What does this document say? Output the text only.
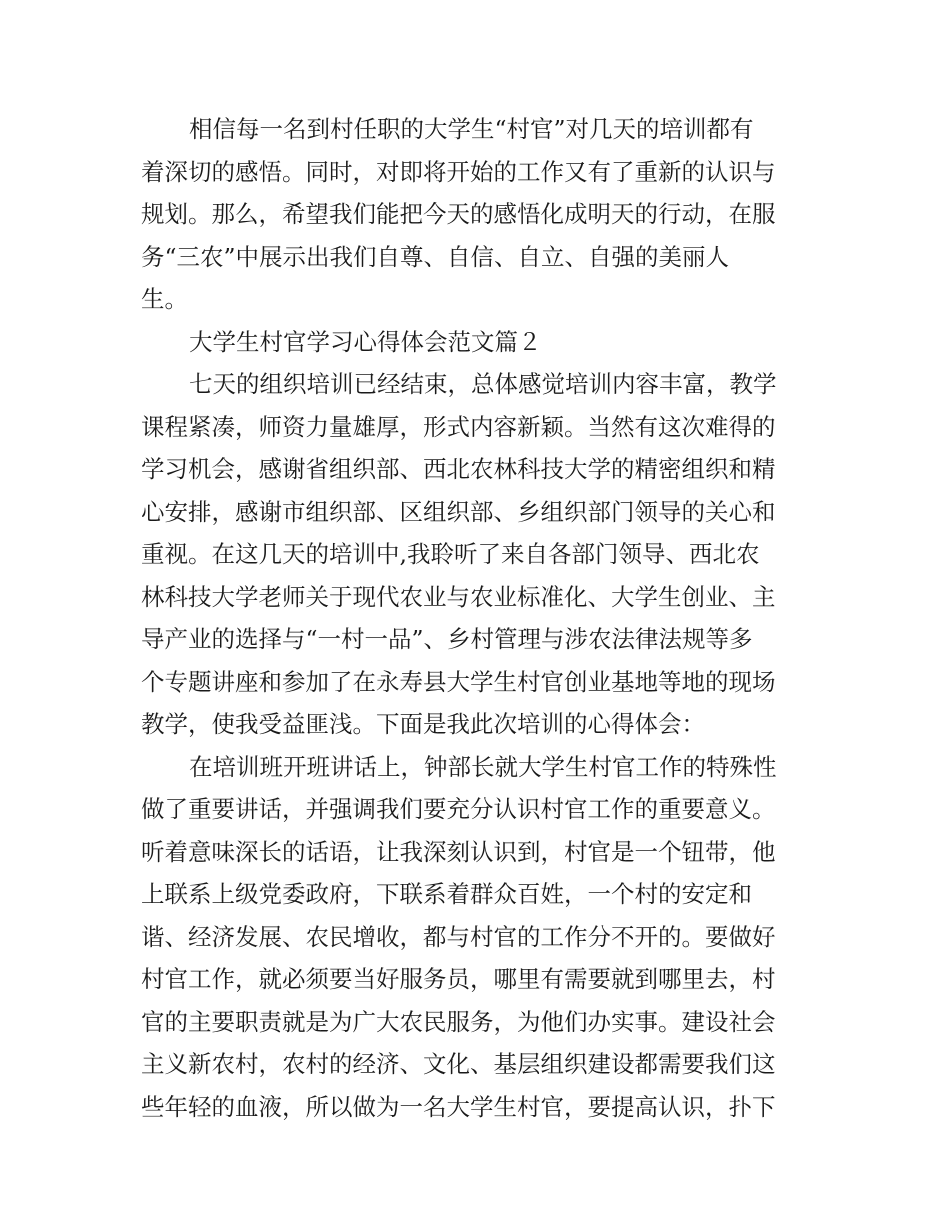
相信每一名到村任职的大学生“村官”对几天的培训都有
着深切的感悟。同时，对即将开始的工作又有了重新的认识与
规划。那么，希望我们能把今天的感悟化成明天的行动，在服
务“三农”中展示出我们自尊、自信、自立、自强的美丽人
生。
大学生村官学习心得体会范文篇２
七天的组织培训已经结束，总体感觉培训内容丰富，教学
课程紧凑，师资力量雄厚，形式内容新颖。当然有这次难得的
学习机会，感谢省组织部、西北农林科技大学的精密组织和精
心安排，感谢市组织部、区组织部、乡组织部门领导的关心和
重视。在这几天的培训中,我聆听了来自各部门领导、西北农
林科技大学老师关于现代农业与农业标准化、大学生创业、主
导产业的选择与“一村一品”、乡村管理与涉农法律法规等多
个专题讲座和参加了在永寿县大学生村官创业基地等地的现场
教学，使我受益匪浅。下面是我此次培训的心得体会：
在培训班开班讲话上，钟部长就大学生村官工作的特殊性
做了重要讲话，并强调我们要充分认识村官工作的重要意义。
听着意味深长的话语，让我深刻认识到，村官是一个钮带，他
上联系上级党委政府，下联系着群众百姓，一个村的安定和
谐、经济发展、农民增收，都与村官的工作分不开的。要做好
村官工作，就必须要当好服务员，哪里有需要就到哪里去，村
官的主要职责就是为广大农民服务，为他们办实事。建设社会
主义新农村，农村的经济、文化、基层组织建设都需要我们这
些年轻的血液，所以做为一名大学生村官，要提高认识，扑下
